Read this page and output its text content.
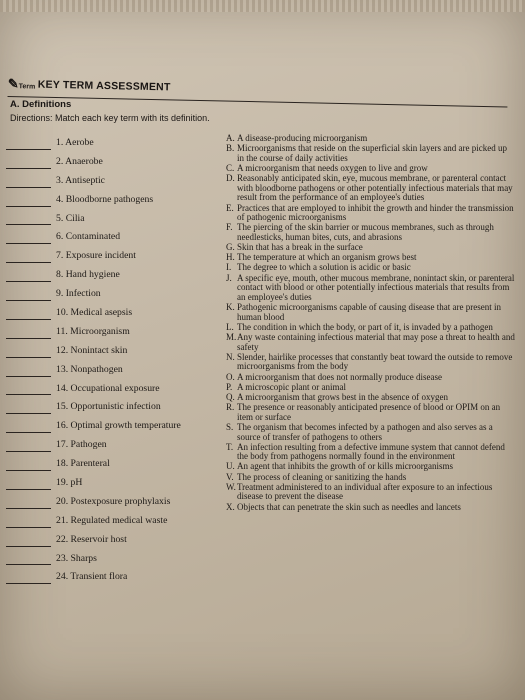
✎Term KEY TERM ASSESSMENT
A. Definitions
Directions: Match each key term with its definition.
1. Aerobe
2. Anaerobe
3. Antiseptic
4. Bloodborne pathogens
5. Cilia
6. Contaminated
7. Exposure incident
8. Hand hygiene
9. Infection
10. Medical asepsis
11. Microorganism
12. Nonintact skin
13. Nonpathogen
14. Occupational exposure
15. Opportunistic infection
16. Optimal growth temperature
17. Pathogen
18. Parenteral
19. pH
20. Postexposure prophylaxis
21. Regulated medical waste
22. Reservoir host
23. Sharps
24. Transient flora
A. A disease-producing microorganism
B. Microorganisms that reside on the superficial skin layers and are picked up in the course of daily activities
C. A microorganism that needs oxygen to live and grow
D. Reasonably anticipated skin, eye, mucous membrane, or parenteral contact with bloodborne pathogens or other potentially infectious materials that may result from the performance of an employee's duties
E. Practices that are employed to inhibit the growth and hinder the transmission of pathogenic microorganisms
F. The piercing of the skin barrier or mucous membranes, such as through needlesticks, human bites, cuts, and abrasions
G. Skin that has a break in the surface
H. The temperature at which an organism grows best
I. The degree to which a solution is acidic or basic
J. A specific eye, mouth, other mucous membrane, nonintact skin, or parenteral contact with blood or other potentially infectious materials that results from an employee's duties
K. Pathogenic microorganisms capable of causing disease that are present in human blood
L. The condition in which the body, or part of it, is invaded by a pathogen
M. Any waste containing infectious material that may pose a threat to health and safety
N. Slender, hairlike processes that constantly beat toward the outside to remove microorganisms from the body
O. A microorganism that does not normally produce disease
P. A microscopic plant or animal
Q. A microorganism that grows best in the absence of oxygen
R. The presence or reasonably anticipated presence of blood or OPIM on an item or surface
S. The organism that becomes infected by a pathogen and also serves as a source of transfer of pathogens to others
T. An infection resulting from a defective immune system that cannot defend the body from pathogens normally found in the environment
U. An agent that inhibits the growth of or kills microorganisms
V. The process of cleaning or sanitizing the hands
W. Treatment administered to an individual after exposure to an infectious disease to prevent the disease
X. Objects that can penetrate the skin such as needles and lancets
